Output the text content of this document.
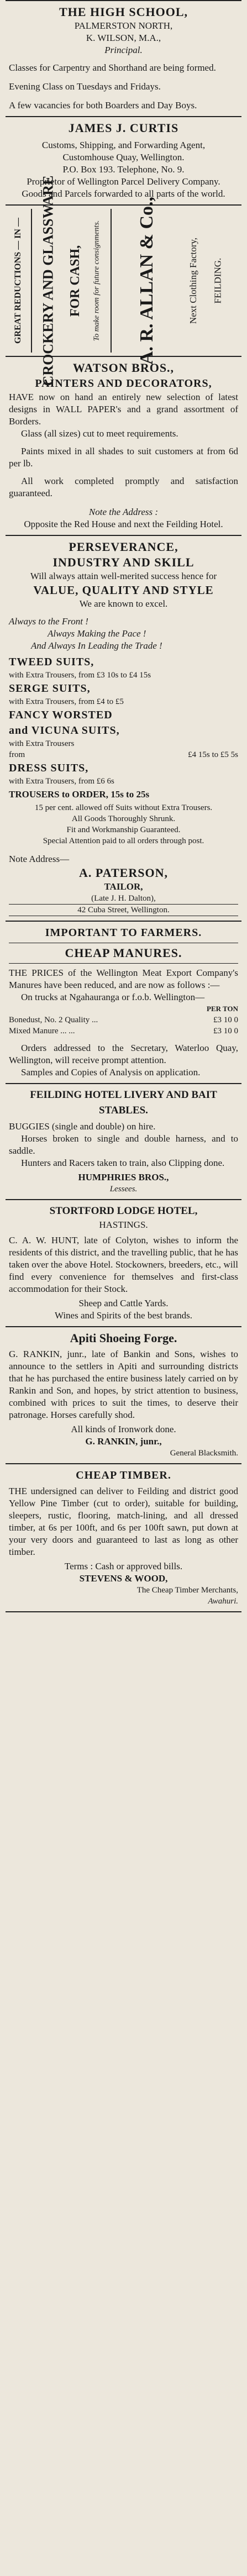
THE HIGH SCHOOL,
PALMERSTON NORTH,
K. WILSON, M.A.,
Principal.
Classes for Carpentry and Shorthand are being formed.
Evening Class on Tuesdays and Fridays.
A few vacancies for both Boarders and Day Boys.
JAMES J. CURTIS
Customs, Shipping, and Forwarding Agent,
Customhouse Quay, Wellington.
P.O. Box 193. Telephone, No. 9.
Proprietor of Wellington Parcel Delivery Company.
Goods and Parcels forwarded to all parts of the world.
GREAT REDUCTIONS — IN — CROCKERY AND GLASSWARE FOR CASH, To make room for future consignments. A. R. ALLAN & Co.,	Next Clothing Factory, FEILDING.
WATSON BROS.,
PAINTERS AND DECORATORS,
HAVE now on hand an entirely new selection of latest designs in WALL PAPER's and a grand assortment of Borders.
Glass (all sizes) cut to meet requirements.
Paints mixed in all shades to suit customers at from 6d per lb.
All work completed promptly and satisfaction guaranteed.
Note the Address :
Opposite the Red House and next the Feilding Hotel.
PERSEVERANCE,
INDUSTRY AND SKILL
Will always attain well-merited success hence for
VALUE, QUALITY AND STYLE
We are known to excel.
Always to the Front !
Always Making the Pace !
And Always In Leading the Trade !
TWEED SUITS,
with Extra Trousers, from £3 10s to £4 15s
SERGE SUITS,
with Extra Trousers, from £4 to £5
FANCY WORSTED
and VICUNA SUITS,
with Extra Trousers
from	£4 15s to £5 5s
DRESS SUITS,
with Extra Trousers, from £6 6s
TROUSERS to ORDER, 15s to 25s
15 per cent. allowed off Suits without Extra Trousers.
All Goods Thoroughly Shrunk.
Fit and Workmanship Guaranteed.
Special Attention paid to all orders through post.
Note Address—
A. PATERSON,
TAILOR,
(Late J. H. Dalton),
42 Cuba Street, Wellington.
IMPORTANT TO FARMERS.
CHEAP MANURES.
THE PRICES of the Wellington Meat Export Company's Manures have been reduced, and are now as follows :—
On trucks at Ngahauranga or f.o.b. Wellington—
PER TON
Bonedust, No. 2 Quality ...	£3 10 0
Mixed Manure ... ...	£3 10 0
Orders addressed to the Secretary, Waterloo Quay, Wellington, will receive prompt attention.
Samples and Copies of Analysis on application.
FEILDING HOTEL LIVERY AND BAIT STABLES.
BUGGIES (single and double) on hire.
Horses broken to single and double harness, and to saddle.
Hunters and Racers taken to train, also Clipping done.
HUMPHRIES BROS.,
Lessees.
STORTFORD LODGE HOTEL,
HASTINGS.
C. A. W. HUNT, late of Colyton, wishes to inform the residents of this district, and the travelling public, that he has taken over the above Hotel. Stockowners, breeders, etc., will find every convenience for themselves and first-class accommodation for their Stock.
Sheep and Cattle Yards.
Wines and Spirits of the best brands.
Apiti Shoeing Forge.
G. RANKIN, junr., late of Bankin and Sons, wishes to announce to the settlers in Apiti and surrounding districts that he has purchased the entire business lately carried on by Rankin and Son, and hopes, by strict attention to business, combined with prices to suit the times, to deserve their patronage. Horses carefully shod.
All kinds of Ironwork done.
G. RANKIN, junr.,
General Blacksmith.
CHEAP TIMBER.
THE undersigned can deliver to Feilding and district good Yellow Pine Timber (cut to order), suitable for building, sleepers, rustic, flooring, match-lining, and all dressed timber, at 6s per 100ft, and 6s per 100ft sawn, put down at your very doors and guaranteed to last as long as other timber.
Terms : Cash or approved bills.
STEVENS & WOOD,
The Cheap Timber Merchants,
Awahuri.
